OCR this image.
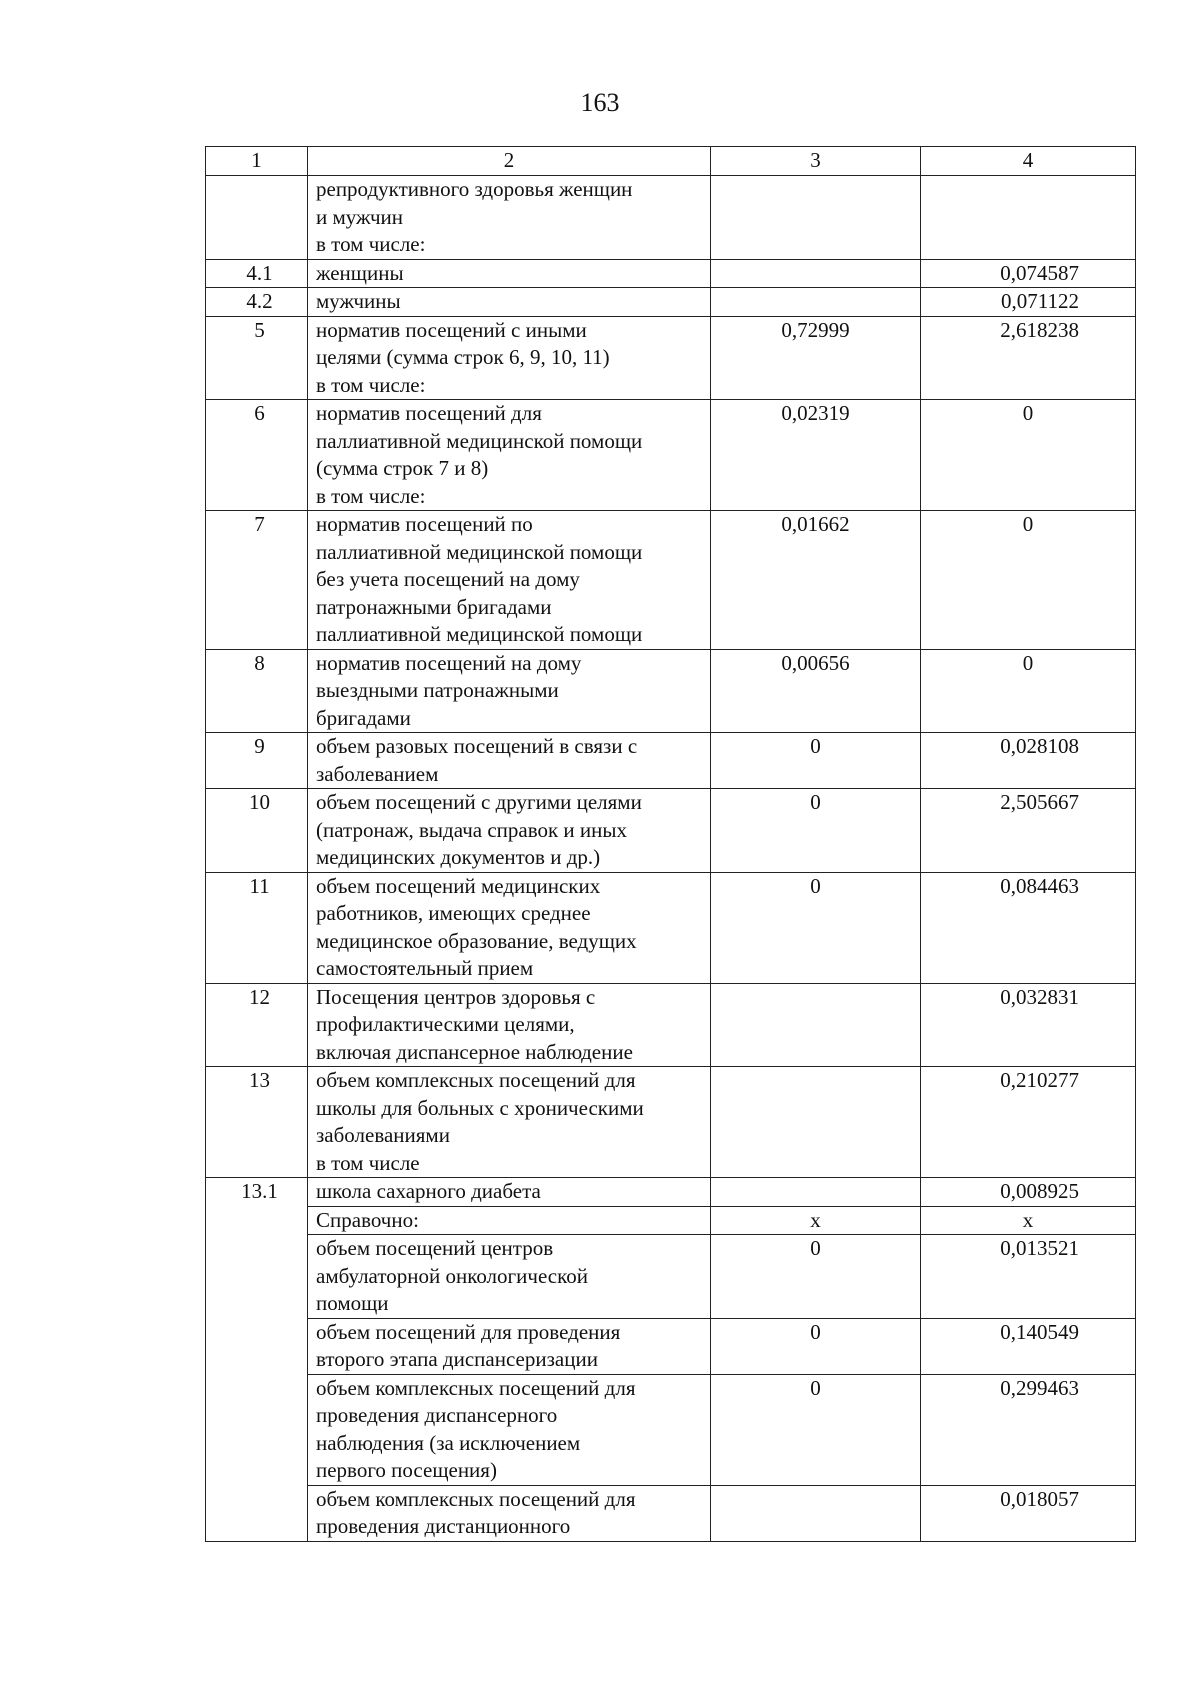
163
1	2	3	4

	репродуктивного здоровья женщин
и мужчин
в том числе:		

4.1	женщины		0,074587
4.2	мужчины		0,071122
5	норматив посещений с иными
целями (сумма строк 6, 9, 10, 11)
в том числе:	0,72999	2,618238
6	норматив посещений для
паллиативной медицинской помощи
(сумма строк 7 и 8)
в том числе:	0,02319	0
7	норматив посещений по
паллиативной медицинской помощи
без учета посещений на дому
патронажными бригадами
паллиативной медицинской помощи	0,01662	0
8	норматив посещений на дому
выездными патронажными
бригадами	0,00656	0
9	объем разовых посещений в связи с
заболеванием	0	0,028108
10	объем посещений с другими целями
(патронаж, выдача справок и иных
медицинских документов и др.)	0	2,505667
11	объем посещений медицинских
работников, имеющих среднее
медицинское образование, ведущих
самостоятельный прием	0	0,084463
12	Посещения центров здоровья с
профилактическими целями,
включая диспансерное наблюдение		0,032831
13	объем комплексных посещений для
школы для больных с хроническими
заболеваниями
в том числе		0,210277
13.1	школа сахарного диабета		0,008925

	Справочно:	х	х

	объем посещений центров
амбулаторной онкологической
помощи	0	0,013521

	объем посещений для проведения
второго этапа диспансеризации	0	0,140549

	объем комплексных посещений для
проведения диспансерного
наблюдения (за исключением
первого посещения)	0	0,299463

	объем комплексных посещений для
проведения дистанционного		0,018057
